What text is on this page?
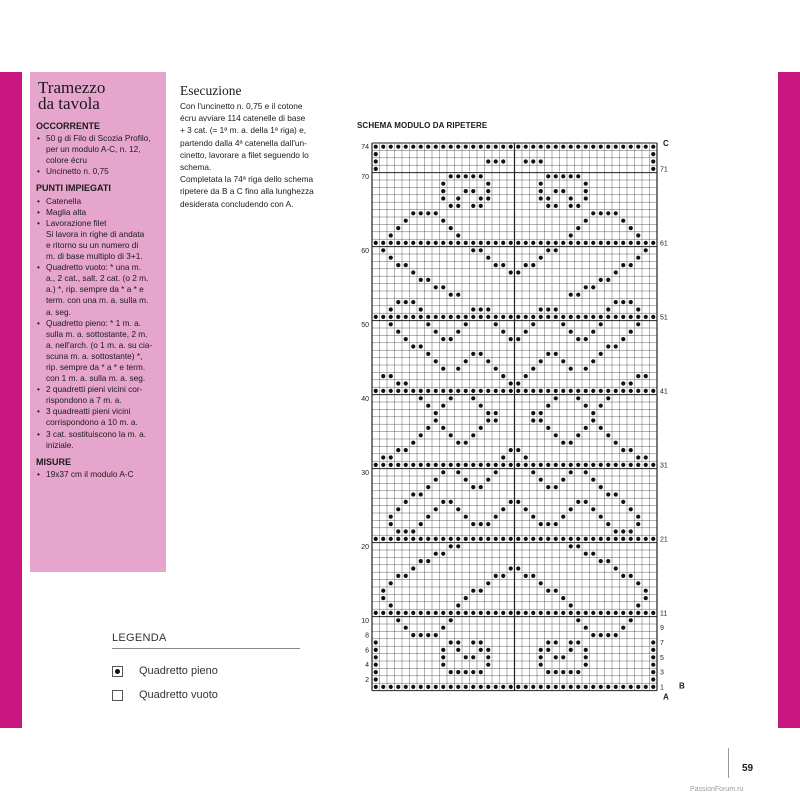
Tramezzo
da tavola
OCCORRENTE
• 50 g di Filo di Scozia Profilo,
per un modulo A-C, n. 12,
colore écru
• Uncinetto n. 0,75
PUNTI IMPIEGATI
• Catenella
• Maglia alta
• Lavorazione filet
Si lavora in righe di andata
e ritorno su un numero di
m. di base multiplo di 3+1.
• Quadretto vuoto: * una m.
a., 2 cat., salt. 2 cat. (o 2 m.
a.) *, rip. sempre da * a * e
term. con una m. a. sulla m.
a. seg.
• Quadretto pieno: * 1 m. a.
sulla m. a. sottostante, 2 m.
a. nell'arch. (o 1 m. a. su cia-
scuna m. a. sottostante) *,
rip. sempre da * a * e term.
con 1 m. a. sulla m. a. seg.
• 2 quadretti pieni vicini cor-
rispondono a 7 m. a.
• 3 quadreatti pieni vicini
corrispondono a 10 m. a.
• 3 cat. sostituiscono la m. a.
iniziale.
MISURE
• 19x37 cm il modulo A-C
Esecuzione
Con l'uncinetto n. 0,75 e il cotone
écru avviare 114 catenelle di base
+ 3 cat. (= 1ª m. a. della 1ª riga) e,
partendo dalla 4ª catenella dall'un-
cinetto, lavorare a filet seguendo lo
schema.
Completata la 74ª riga dello schema
ripetere da B a C fino alla lunghezza
desiderata concludendo con A.
SCHEMA MODULO DA RIPETERE
2
4
6
8
10
20
30
40
50
60
70
74
1
3
5
7
9
11
21
31
41
51
61
71
C
B
A
LEGENDA
Quadretto pieno
Quadretto vuoto
59
PassionForum.ru
